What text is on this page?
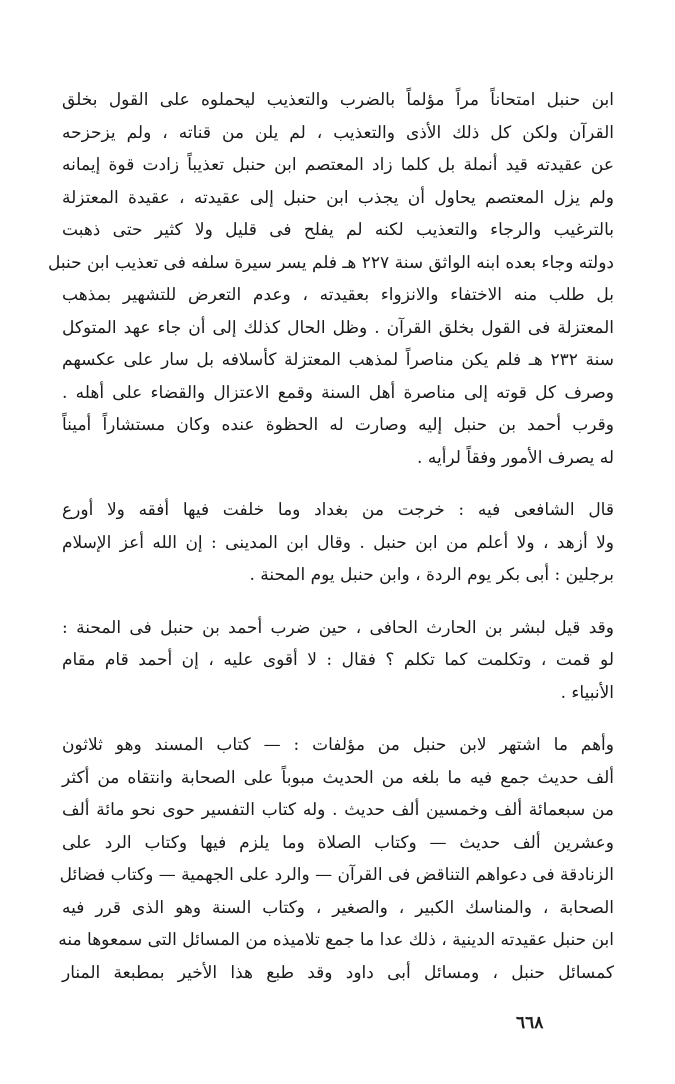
ابن حنبل امتحاناً مراً مؤلماً بالضرب والتعذيب ليحملوه على القول بخلق
القرآن ولكن كل ذلك الأذى والتعذيب ، لم يلن من قناته ، ولم يزحزحه
عن عقيدته قيد أنملة بل كلما زاد المعتصم ابن حنبل تعذيباً زادت قوة إيمانه
ولم يزل المعتصم يحاول أن يجذب ابن حنبل إلى عقيدته ، عقيدة المعتزلة
بالترغيب والرجاء والتعذيب لكنه لم يفلح فى قليل ولا كثير حتى ذهبت
دولته وجاء بعده ابنه الواثق سنة ٢٢٧ هـ فلم يسر سيرة سلفه فى تعذيب ابن حنبل
بل طلب منه الاختفاء والانزواء بعقيدته ، وعدم التعرض للتشهير بمذهب
المعتزلة فى القول بخلق القرآن . وظل الحال كذلك إلى أن جاء عهد المتوكل
سنة ٢٣٢ هـ فلم يكن مناصراً لمذهب المعتزلة كأسلافه بل سار على عكسهم
وصرف كل قوته إلى مناصرة أهل السنة وقمع الاعتزال والقضاء على أهله .
وقرب أحمد بن حنبل إليه وصارت له الحظوة عنده وكان مستشاراً أميناً
له يصرف الأمور وفقاً لرأيه .
قال الشافعى فيه : خرجت من بغداد وما خلفت فيها أفقه ولا أورع
ولا أزهد ، ولا أعلم من ابن حنبل . وقال ابن المدينى : إن الله أعز الإسلام
برجلين : أبى بكر يوم الردة ، وابن حنبل يوم المحنة .
وقد قيل لبشر بن الحارث الحافى ، حين ضرب أحمد بن حنبل فى المحنة :
لو قمت ، وتكلمت كما تكلم ؟ فقال : لا أقوى عليه ، إن أحمد قام مقام
الأنبياء .
وأهم ما اشتهر لابن حنبل من مؤلفات : — كتاب المسند وهو ثلاثون
ألف حديث جمع فيه ما بلغه من الحديث مبوباً على الصحابة وانتقاه من أكثر
من سبعمائة ألف وخمسين ألف حديث . وله كتاب التفسير حوى نحو مائة ألف
وعشرين ألف حديث — وكتاب الصلاة وما يلزم فيها وكتاب الرد على
الزنادقة فى دعواهم التناقض فى القرآن — والرد على الجهمية — وكتاب فضائل
الصحابة ، والمناسك الكبير ، والصغير ، وكتاب السنة وهو الذى قرر فيه
ابن حنبل عقيدته الدينية ، ذلك عدا ما جمع تلاميذه من المسائل التى سمعوها منه
كمسائل حنبل ، ومسائل أبى داود وقد طبع هذا الأخير بمطبعة المنار
٦٦٨
